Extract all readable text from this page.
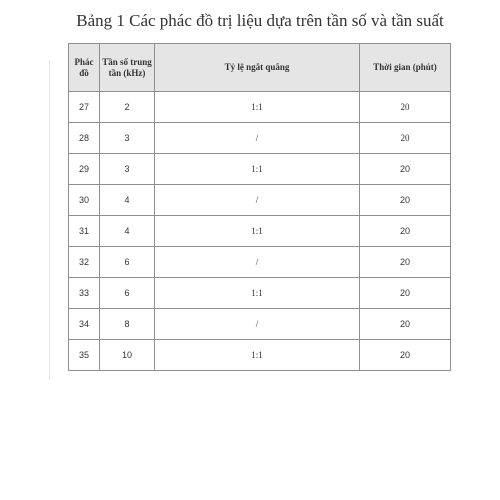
Bảng 1 Các phác đồ trị liệu dựa trên tần số và tần suất
Phác đồ	Tần số trung tần (kHz)	Tỷ lệ ngắt quãng	Thời gian (phút)
27	2	1:1	20
28	3	/	20
29	3	1:1	20
30	4	/	20
31	4	1:1	20
32	6	/	20
33	6	1:1	20
34	8	/	20
35	10	1:1	20
